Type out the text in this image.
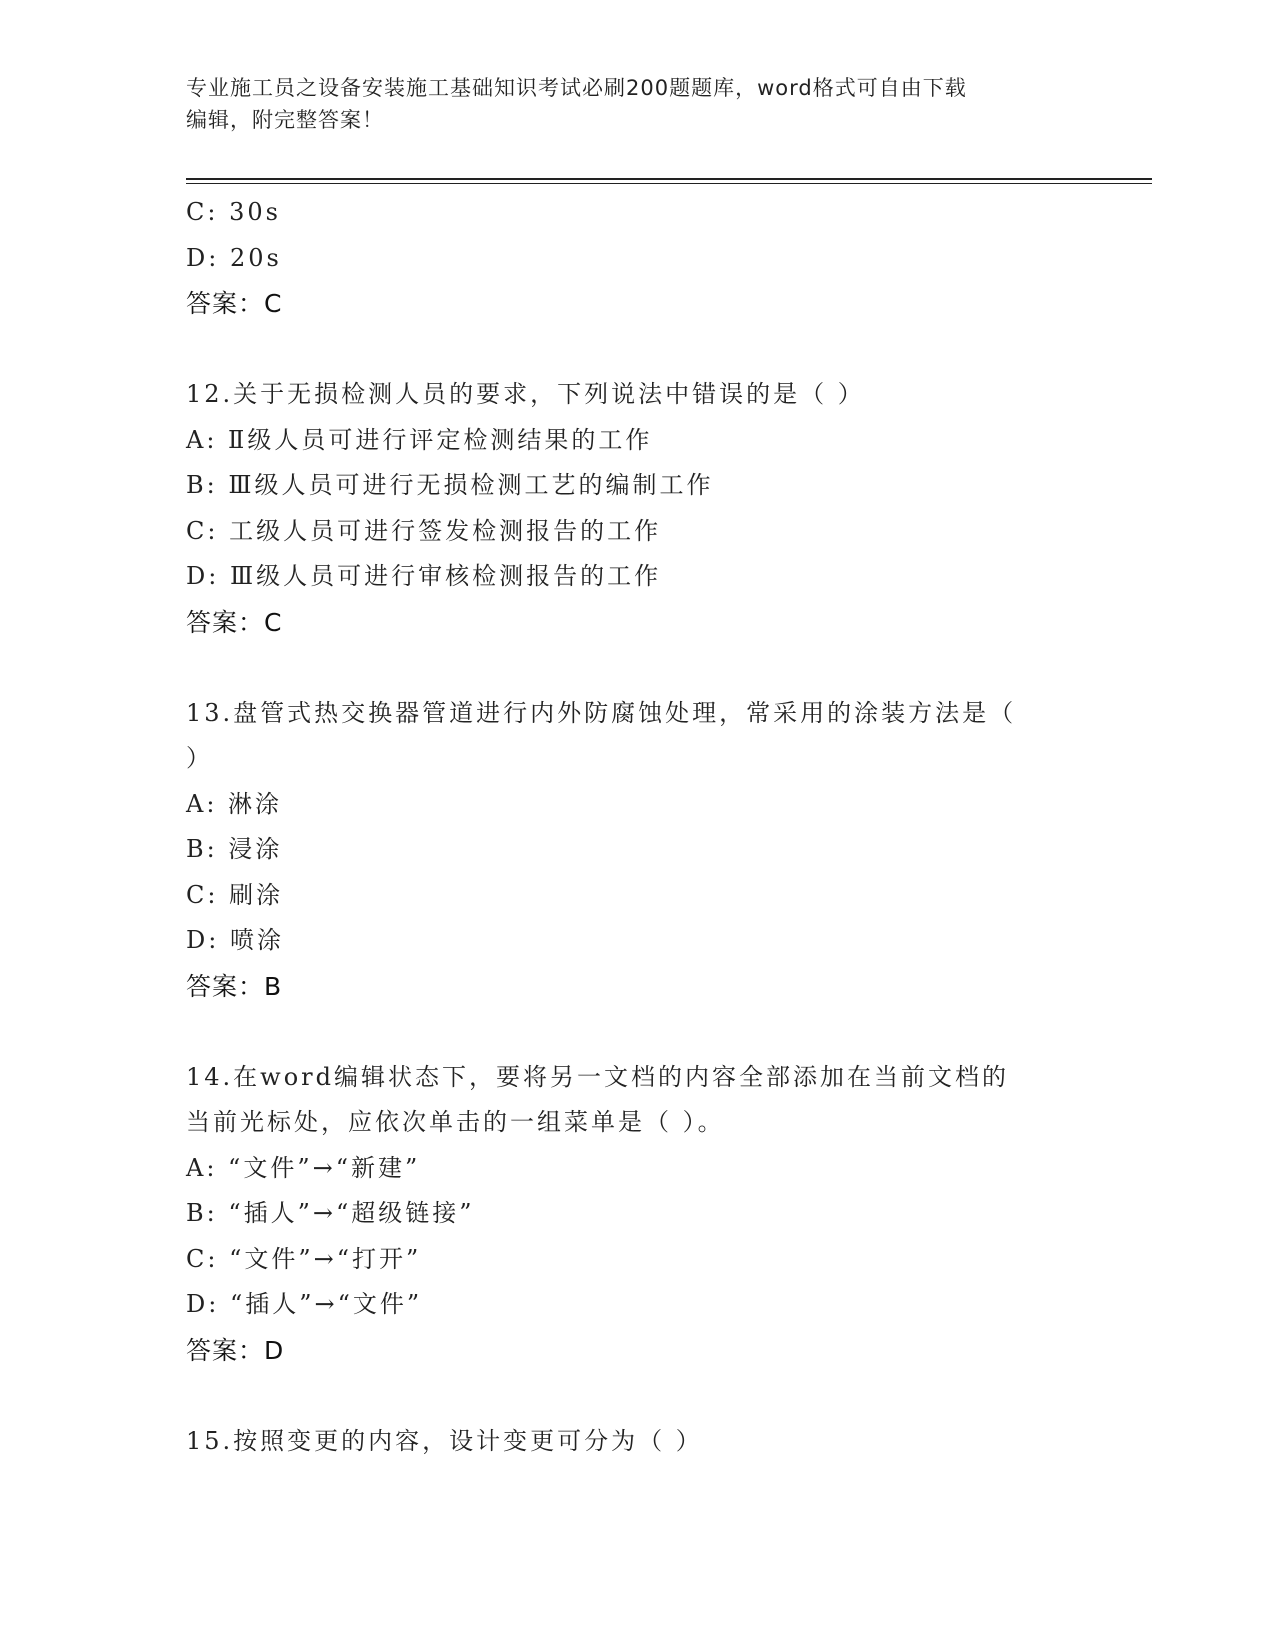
专业施工员之设备安装施工基础知识考试必刷200题题库，word格式可自由下载
编辑，附完整答案！
C: 30s
D: 20s
答案：C
12.关于无损检测人员的要求，下列说法中错误的是（ ）
A: Ⅱ级人员可进行评定检测结果的工作
B: Ⅲ级人员可进行无损检测工艺的编制工作
C: 工级人员可进行签发检测报告的工作
D: Ⅲ级人员可进行审核检测报告的工作
答案：C
13.盘管式热交换器管道进行内外防腐蚀处理，常采用的涂装方法是（
）
A: 淋涂
B: 浸涂
C: 刷涂
D: 喷涂
答案：B
14.在word编辑状态下，要将另一文档的内容全部添加在当前文档的
当前光标处，应依次单击的一组菜单是（ ）。
A: “文件”→“新建”
B: “插人”→“超级链接”
C: “文件”→“打开”
D: “插人”→“文件”
答案：D
15.按照变更的内容，设计变更可分为（ ）
